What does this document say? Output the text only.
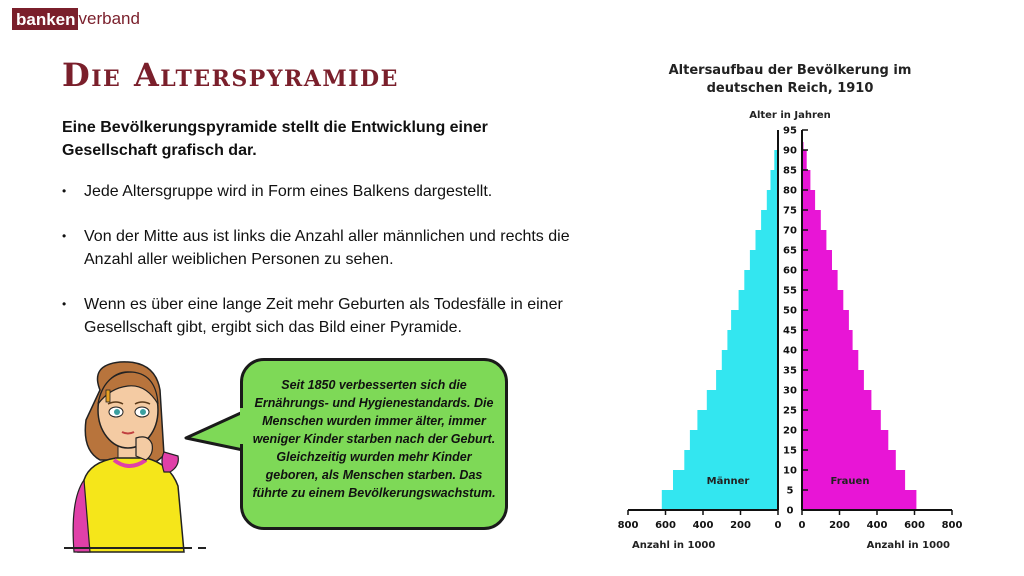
banken verband
Die Alterspyramide
Eine Bevölkerungspyramide stellt die Entwicklung einer Gesellschaft grafisch dar.
• Jede Altersgruppe wird in Form eines Balkens dargestellt.
• Von der Mitte aus ist links die Anzahl aller männlichen und rechts die Anzahl aller weiblichen Personen zu sehen.
• Wenn es über eine lange Zeit mehr Geburten als Todesfälle in einer Gesellschaft gibt, ergibt sich das Bild einer Pyramide.
Seit 1850 verbesserten sich die Ernährungs- und Hygienestandards. Die Menschen wurden immer älter, immer weniger Kinder starben nach der Geburt. Gleichzeitig wurden mehr Kinder geboren, als Menschen starben. Das führte zu einem Bevölkerungswachstum.
Altersaufbau der Bevölkerung im
deutschen Reich, 1910
Alter in Jahren
Männer	Frauen
0
5
10
15
20
25
30
35
40
45
50
55
60
65
70
75
80
85
90
95
800 600 400 200 0 0 200 400 600 800
Anzahl in 1000	Anzahl in 1000
